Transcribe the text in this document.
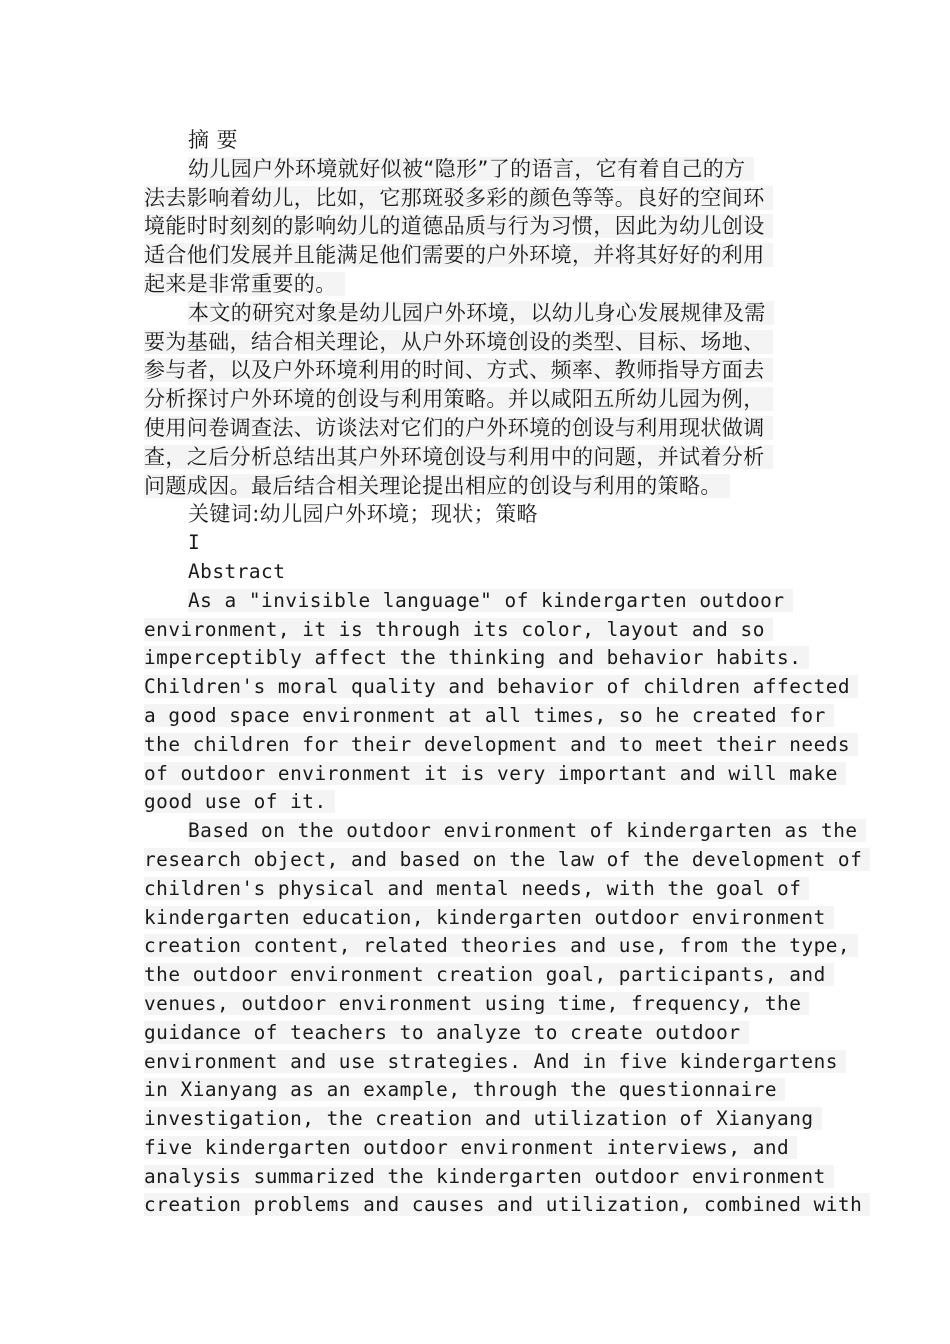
摘 要
幼儿园户外环境就好似被“隐形”了的语言，它有着自己的方
法去影响着幼儿，比如，它那斑驳多彩的颜色等等。良好的空间环
境能时时刻刻的影响幼儿的道德品质与行为习惯，因此为幼儿创设
适合他们发展并且能满足他们需要的户外环境，并将其好好的利用
起来是非常重要的。
本文的研究对象是幼儿园户外环境，以幼儿身心发展规律及需
要为基础，结合相关理论，从户外环境创设的类型、目标、场地、
参与者，以及户外环境利用的时间、方式、频率、教师指导方面去
分析探讨户外环境的创设与利用策略。并以咸阳五所幼儿园为例，
使用问卷调查法、访谈法对它们的户外环境的创设与利用现状做调
查，之后分析总结出其户外环境创设与利用中的问题，并试着分析
问题成因。最后结合相关理论提出相应的创设与利用的策略。
关键词:幼儿园户外环境；现状；策略
I
Abstract
As a "invisible language" of kindergarten outdoor
environment, it is through its color, layout and so
imperceptibly affect the thinking and behavior habits.
Children's moral quality and behavior of children affected
a good space environment at all times, so he created for
the children for their development and to meet their needs
of outdoor environment it is very important and will make
good use of it.
Based on the outdoor environment of kindergarten as the
research object, and based on the law of the development of
children's physical and mental needs, with the goal of
kindergarten education, kindergarten outdoor environment
creation content, related theories and use, from the type,
the outdoor environment creation goal, participants, and
venues, outdoor environment using time, frequency, the
guidance of teachers to analyze to create outdoor
environment and use strategies. And in five kindergartens
in Xianyang as an example, through the questionnaire
investigation, the creation and utilization of Xianyang
five kindergarten outdoor environment interviews, and
analysis summarized the kindergarten outdoor environment
creation problems and causes and utilization, combined with
